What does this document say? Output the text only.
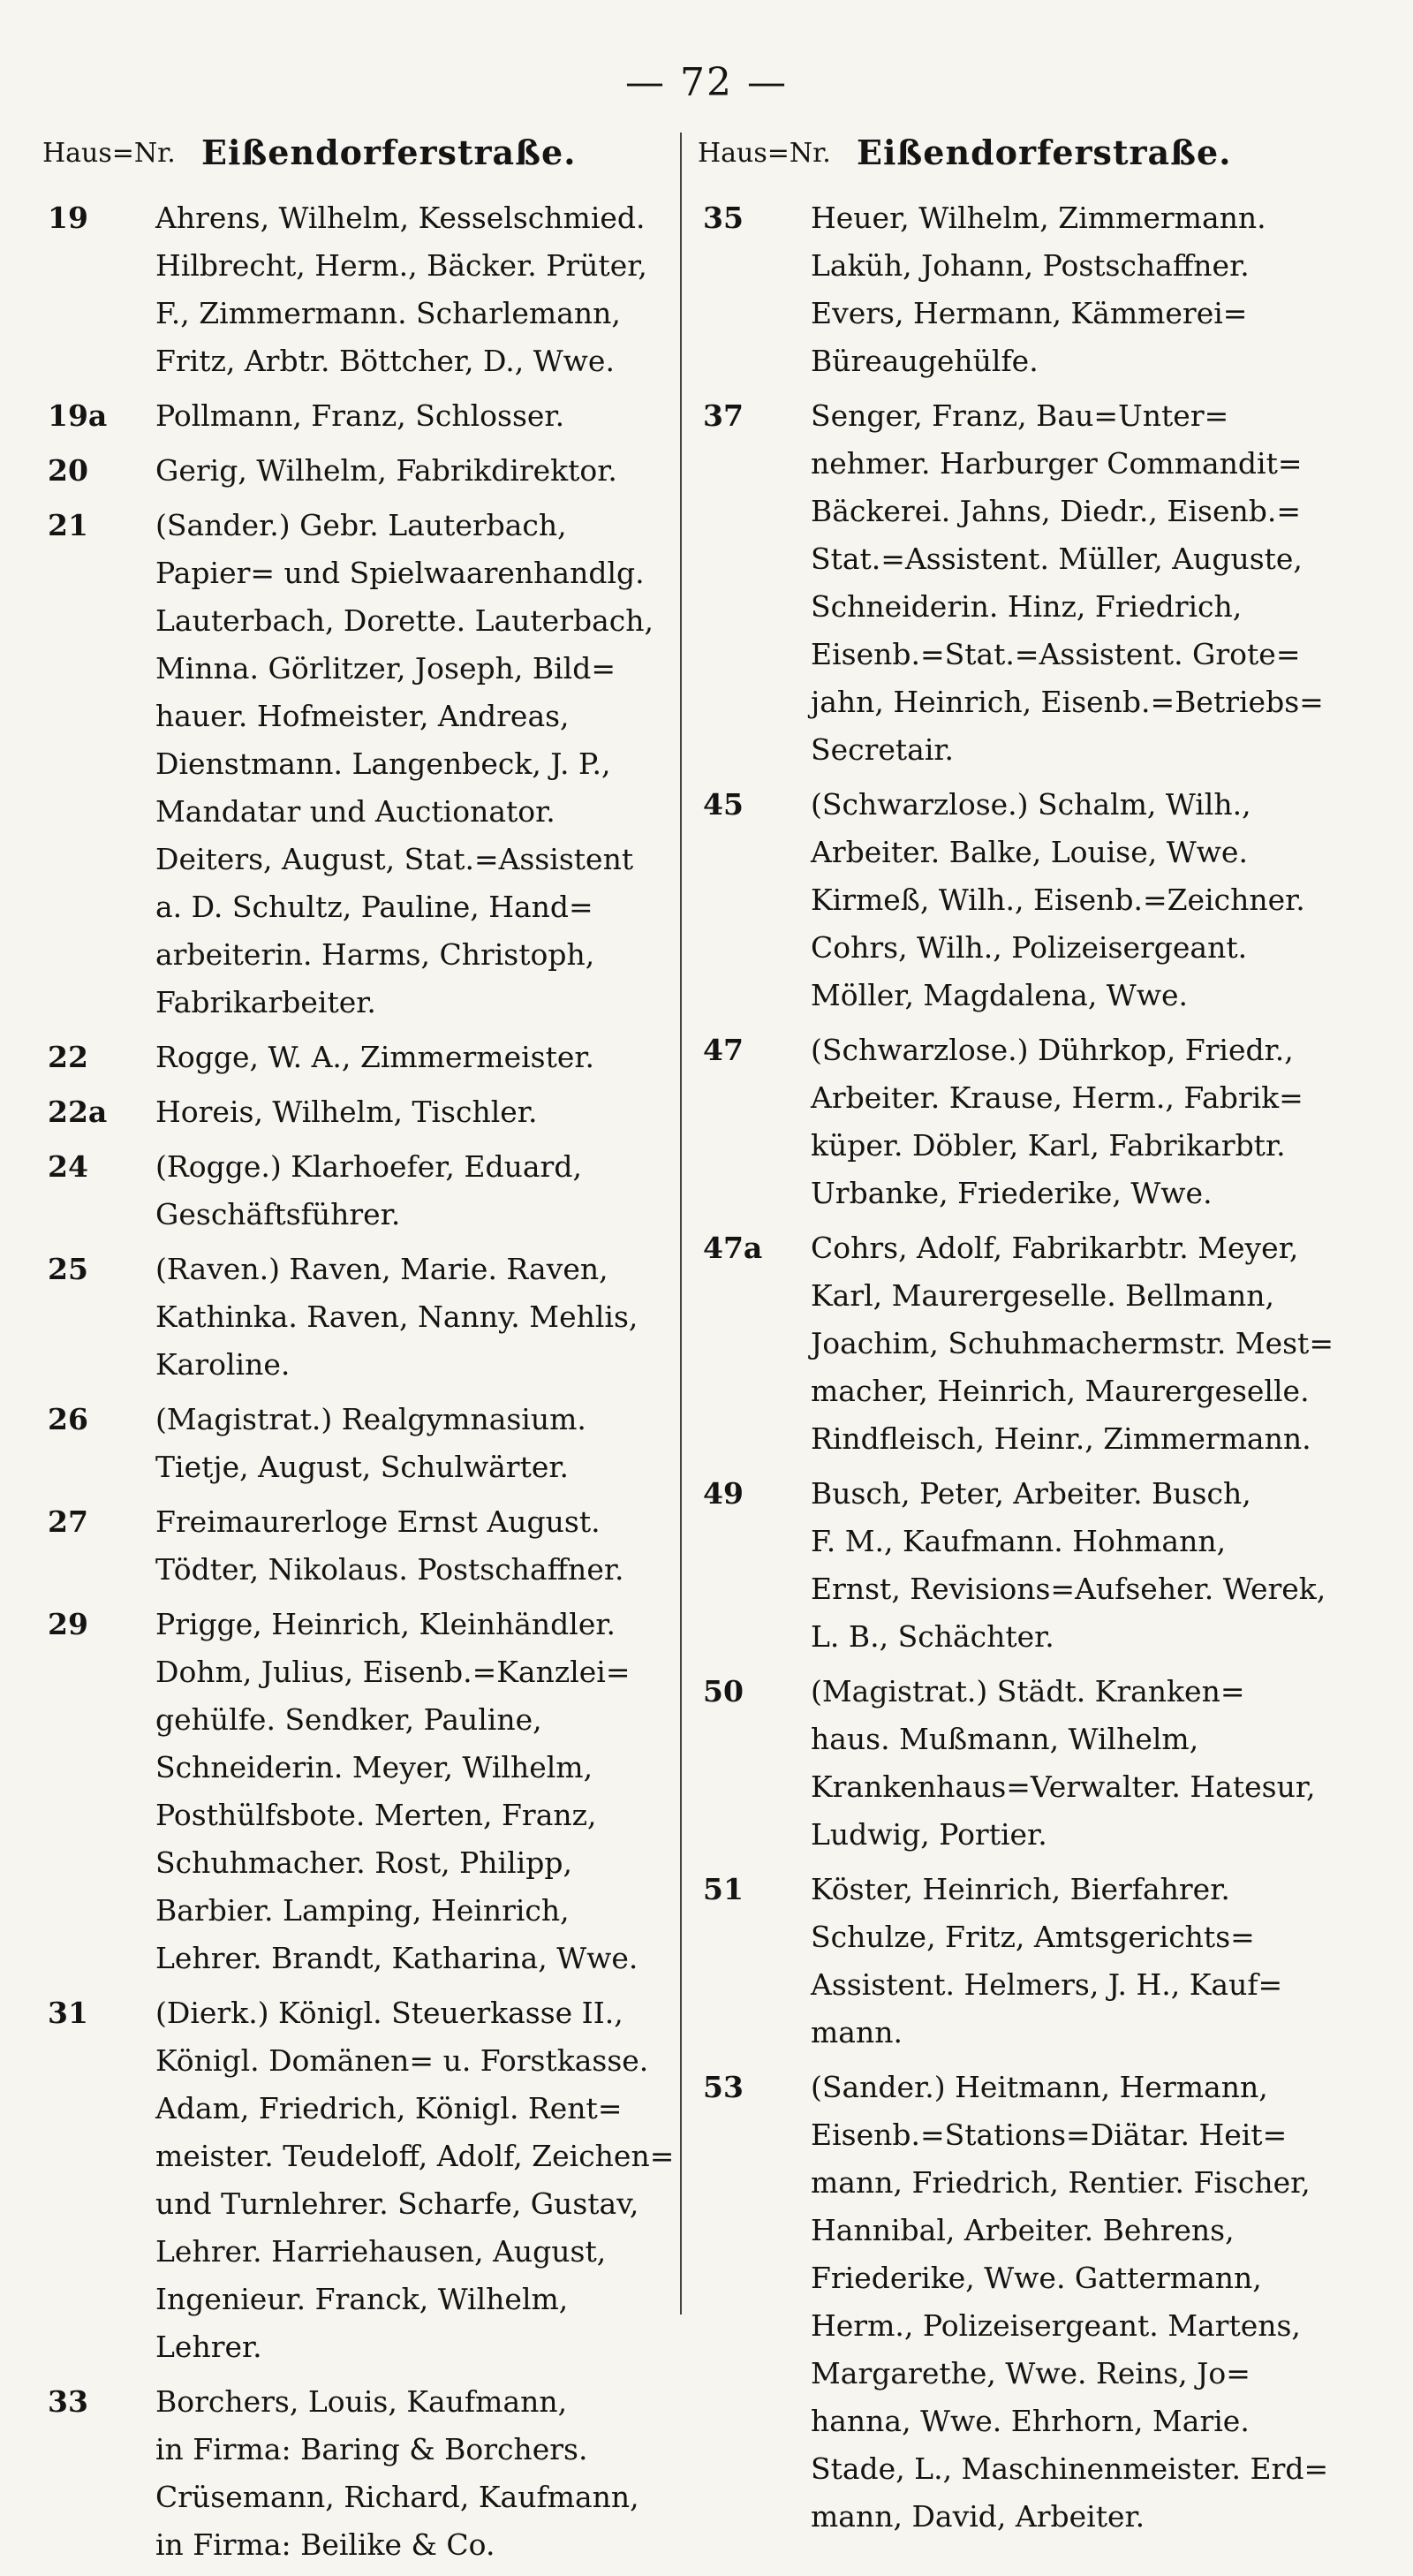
— 72 —
Haus=Nr. Eißendorferstraße.
19 Ahrens, Wilhelm, Kesselschmied.
Hilbrecht, Herm., Bäcker. Prüter,
F., Zimmermann. Scharlemann,
Fritz, Arbtr. Böttcher, D., Wwe.

19a Pollmann, Franz, Schlosser.

20 Gerig, Wilhelm, Fabrikdirektor.

21 (Sander.) Gebr. Lauterbach,
Papier= und Spielwaarenhandlg.
Lauterbach, Dorette. Lauterbach,
Minna. Görlitzer, Joseph, Bild=
hauer. Hofmeister, Andreas,
Dienstmann. Langenbeck, J. P.,
Mandatar und Auctionator.
Deiters, August, Stat.=Assistent
a. D. Schultz, Pauline, Hand=
arbeiterin. Harms, Christoph,
Fabrikarbeiter.

22 Rogge, W. A., Zimmermeister.

22a Horeis, Wilhelm, Tischler.

24 (Rogge.) Klarhoefer, Eduard,
Geschäftsführer.

25 (Raven.) Raven, Marie. Raven,
Kathinka. Raven, Nanny. Mehlis,
Karoline.

26 (Magistrat.) Realgymnasium.
Tietje, August, Schulwärter.

27 Freimaurerloge Ernst August.
Tödter, Nikolaus. Postschaffner.

29 Prigge, Heinrich, Kleinhändler.
Dohm, Julius, Eisenb.=Kanzlei=
gehülfe. Sendker, Pauline,
Schneiderin. Meyer, Wilhelm,
Posthülfsbote. Merten, Franz,
Schuhmacher. Rost, Philipp,
Barbier. Lamping, Heinrich,
Lehrer. Brandt, Katharina, Wwe.

31 (Dierk.) Königl. Steuerkasse II.,
Königl. Domänen= u. Forstkasse.
Adam, Friedrich, Königl. Rent=
meister. Teudeloff, Adolf, Zeichen=
und Turnlehrer. Scharfe, Gustav,
Lehrer. Harriehausen, August,
Ingenieur. Franck, Wilhelm,
Lehrer.

33 Borchers, Louis, Kaufmann,
in Firma: Baring & Borchers.
Crüsemann, Richard, Kaufmann,
in Firma: Beilike & Co.

Haus=Nr. Eißendorferstraße.
35 Heuer, Wilhelm, Zimmermann.
Laküh, Johann, Postschaffner.
Evers, Hermann, Kämmerei=
Büreaugehülfe.

37 Senger, Franz, Bau=Unter=
nehmer. Harburger Commandit=
Bäckerei. Jahns, Diedr., Eisenb.=
Stat.=Assistent. Müller, Auguste,
Schneiderin. Hinz, Friedrich,
Eisenb.=Stat.=Assistent. Grote=
jahn, Heinrich, Eisenb.=Betriebs=
Secretair.

45 (Schwarzlose.) Schalm, Wilh.,
Arbeiter. Balke, Louise, Wwe.
Kirmeß, Wilh., Eisenb.=Zeichner.
Cohrs, Wilh., Polizeisergeant.
Möller, Magdalena, Wwe.

47 (Schwarzlose.) Dührkop, Friedr.,
Arbeiter. Krause, Herm., Fabrik=
küper. Döbler, Karl, Fabrikarbtr.
Urbanke, Friederike, Wwe.

47a Cohrs, Adolf, Fabrikarbtr. Meyer,
Karl, Maurergeselle. Bellmann,
Joachim, Schuhmachermstr. Mest=
macher, Heinrich, Maurergeselle.
Rindfleisch, Heinr., Zimmermann.

49 Busch, Peter, Arbeiter. Busch,
F. M., Kaufmann. Hohmann,
Ernst, Revisions=Aufseher. Werek,
L. B., Schächter.

50 (Magistrat.) Städt. Kranken=
haus. Mußmann, Wilhelm,
Krankenhaus=Verwalter. Hatesur,
Ludwig, Portier.

51 Köster, Heinrich, Bierfahrer.
Schulze, Fritz, Amtsgerichts=
Assistent. Helmers, J. H., Kauf=
mann.

53 (Sander.) Heitmann, Hermann,
Eisenb.=Stations=Diätar. Heit=
mann, Friedrich, Rentier. Fischer,
Hannibal, Arbeiter. Behrens,
Friederike, Wwe. Gattermann,
Herm., Polizeisergeant. Martens,
Margarethe, Wwe. Reins, Jo=
hanna, Wwe. Ehrhorn, Marie.
Stade, L., Maschinenmeister. Erd=
mann, David, Arbeiter.
